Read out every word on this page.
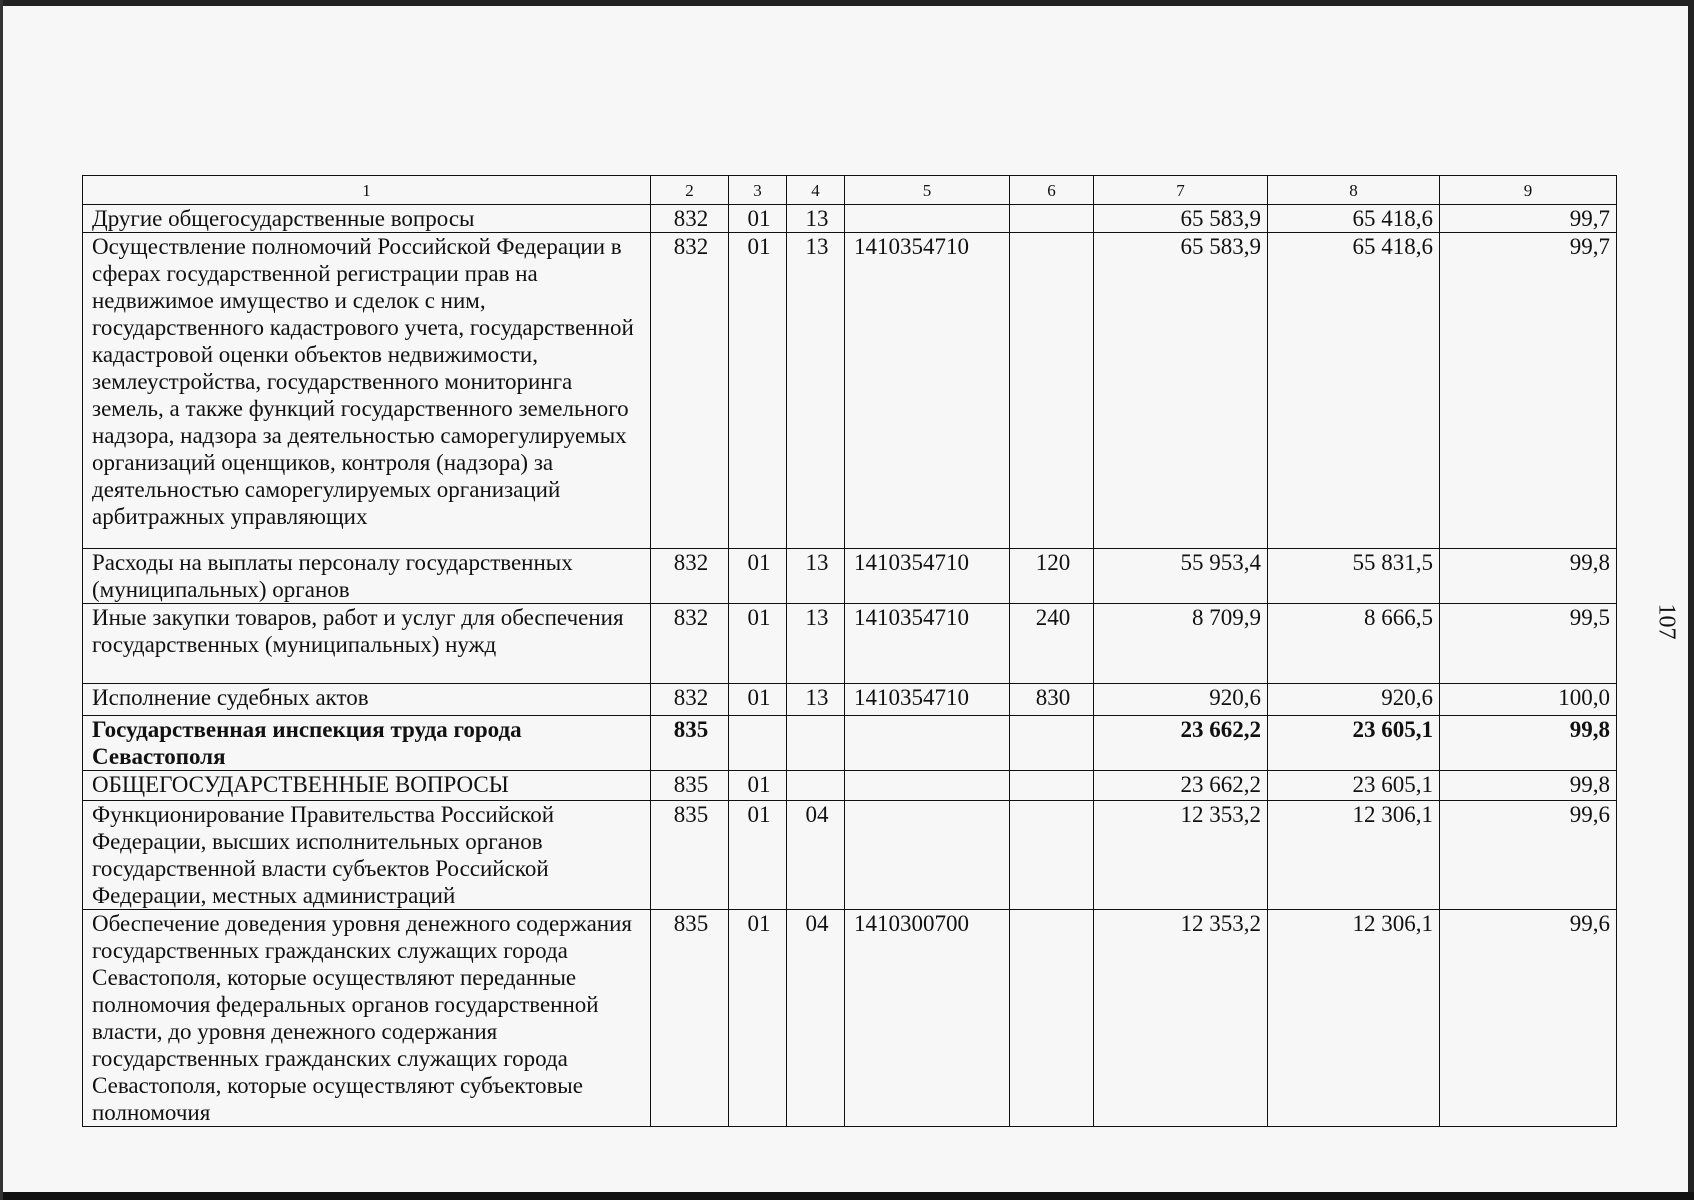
1	2	3	4	5	6	7	8	9
Другие общегосударственные вопросы	832	01	13			65 583,9	65 418,6	99,7
Осуществление полномочий Российской Федерации в сферах государственной регистрации прав на недвижимое имущество и сделок с ним, государственного кадастрового учета, государственной кадастровой оценки объектов недвижимости, землеустройства, государственного мониторинга земель, а также функций государственного земельного надзора, надзора за деятельностью саморегулируемых организаций оценщиков, контроля (надзора) за деятельностью саморегулируемых организаций арбитражных управляющих	832	01	13	1410354710		65 583,9	65 418,6	99,7
Расходы на выплаты персоналу государственных (муниципальных) органов	832	01	13	1410354710	120	55 953,4	55 831,5	99,8
Иные закупки товаров, работ и услуг для обеспечения государственных (муниципальных) нужд	832	01	13	1410354710	240	8 709,9	8 666,5	99,5
Исполнение судебных актов	832	01	13	1410354710	830	920,6	920,6	100,0
Государственная инспекция труда города Севастополя	835					23 662,2	23 605,1	99,8
ОБЩЕГОСУДАРСТВЕННЫЕ ВОПРОСЫ	835	01				23 662,2	23 605,1	99,8
Функционирование Правительства Российской Федерации, высших исполнительных органов государственной власти субъектов Российской Федерации, местных администраций	835	01	04			12 353,2	12 306,1	99,6
Обеспечение доведения уровня денежного содержания государственных гражданских служащих города Севастополя, которые осуществляют переданные полномочия федеральных органов государственной власти, до уровня денежного содержания государственных гражданских служащих города Севастополя, которые осуществляют субъектовые полномочия	835	01	04	1410300700		12 353,2	12 306,1	99,6
107
